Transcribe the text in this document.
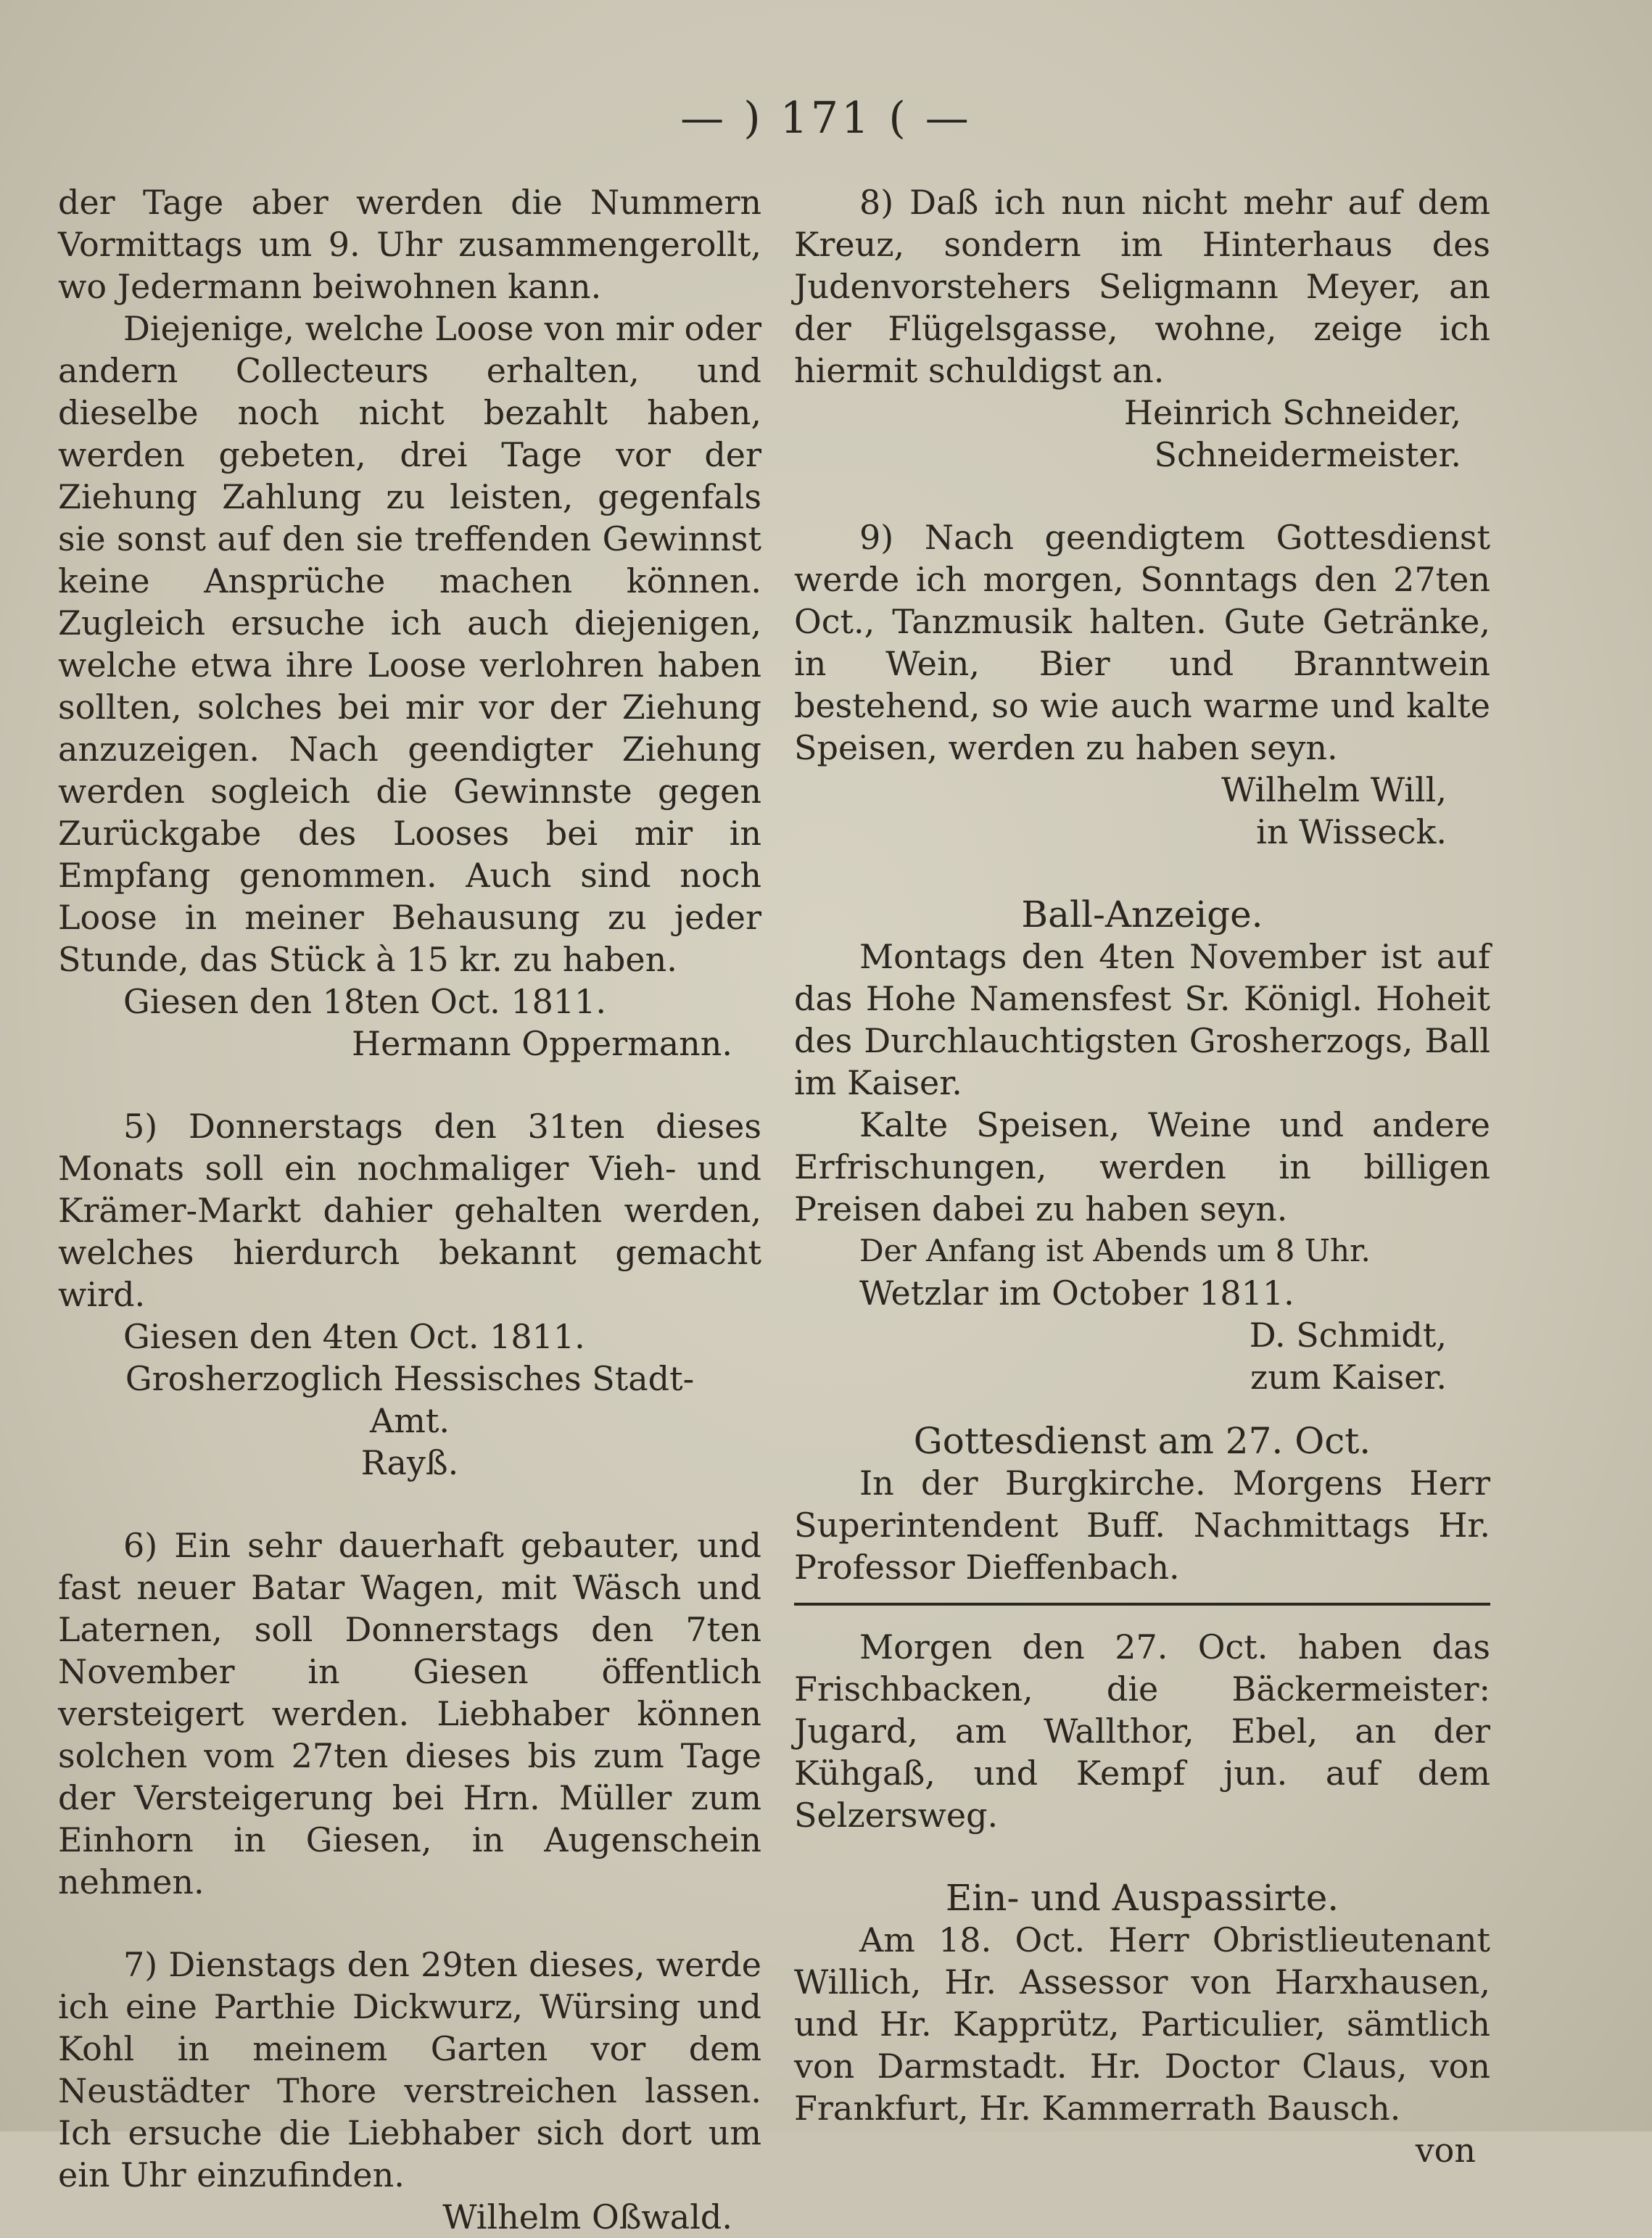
— ) 171 ( —

der Tage aber werden die Nummern Vormittags um 9. Uhr zusammengerollt, wo Jedermann beiwohnen kann.

Diejenige, welche Loose von mir oder andern Collecteurs erhalten, und dieselbe noch nicht bezahlt haben, werden gebeten, drei Tage vor der Ziehung Zahlung zu leisten, gegenfals sie sonst auf den sie treffenden Gewinnst keine Ansprüche machen können. Zugleich ersuche ich auch diejenigen, welche etwa ihre Loose verlohren haben sollten, solches bei mir vor der Ziehung anzuzeigen. Nach geendigter Ziehung werden sogleich die Gewinnste gegen Zurückgabe des Looses bei mir in Empfang genommen. Auch sind noch Loose in meiner Behausung zu jeder Stunde, das Stück à 15 kr. zu haben.

Giesen den 18ten Oct. 1811.

Hermann Oppermann.

5) Donnerstags den 31ten dieses Monats soll ein nochmaliger Vieh- und Krämer-Markt dahier gehalten werden, welches hierdurch bekannt gemacht wird.

Giesen den 4ten Oct. 1811.

Grosherzoglich Hessisches Stadt-

Amt.

Rayß.

6) Ein sehr dauerhaft gebauter, und fast neuer Batar Wagen, mit Wäsch und Laternen, soll Donnerstags den 7ten November in Giesen öffentlich versteigert werden. Liebhaber können solchen vom 27ten dieses bis zum Tage der Versteigerung bei Hrn. Müller zum Einhorn in Giesen, in Augenschein nehmen.

7) Dienstags den 29ten dieses, werde ich eine Parthie Dickwurz, Würsing und Kohl in meinem Garten vor dem Neustädter Thore verstreichen lassen. Ich ersuche die Liebhaber sich dort um ein Uhr einzufinden.

Wilhelm Oßwald.

8) Daß ich nun nicht mehr auf dem Kreuz, sondern im Hinterhaus des Judenvorstehers Seligmann Meyer, an der Flügelsgasse, wohne, zeige ich hiermit schuldigst an.

Heinrich Schneider,

Schneidermeister.

9) Nach geendigtem Gottesdienst werde ich morgen, Sonntags den 27ten Oct., Tanzmusik halten. Gute Getränke, in Wein, Bier und Branntwein bestehend, so wie auch warme und kalte Speisen, werden zu haben seyn.

Wilhelm Will,

in Wisseck.

Ball-Anzeige.

Montags den 4ten November ist auf das Hohe Namensfest Sr. Königl. Hoheit des Durchlauchtigsten Grosherzogs, Ball im Kaiser.

Kalte Speisen, Weine und andere Erfrischungen, werden in billigen Preisen dabei zu haben seyn.

Der Anfang ist Abends um 8 Uhr.

Wetzlar im October 1811.

D. Schmidt,

zum Kaiser.

Gottesdienst am 27. Oct.

In der Burgkirche. Morgens Herr Superintendent Buff. Nachmittags Hr. Professor Dieffenbach.

Morgen den 27. Oct. haben das Frischbacken, die Bäckermeister: Jugard, am Wallthor, Ebel, an der Kühgaß, und Kempf jun. auf dem Selzersweg.

Ein- und Auspassirte.

Am 18. Oct. Herr Obristlieutenant Willich, Hr. Assessor von Harxhausen, und Hr. Kapprütz, Particulier, sämtlich von Darmstadt. Hr. Doctor Claus, von Frankfurt, Hr. Kammerrath Bausch.

von
